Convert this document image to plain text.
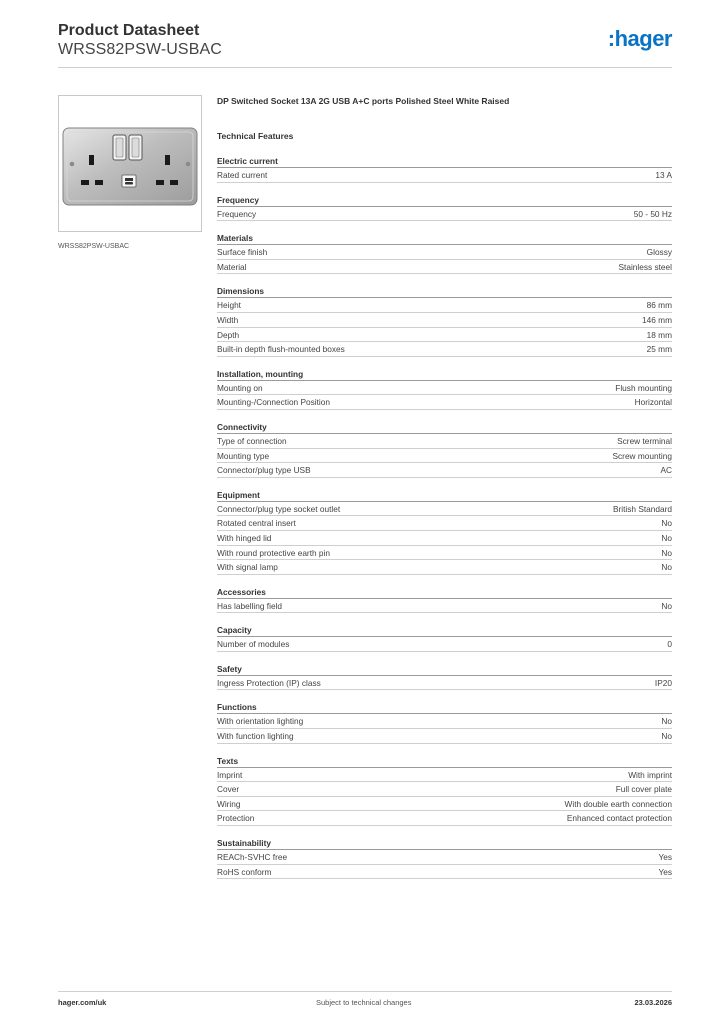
Product Datasheet
WRSS82PSW-USBAC	:hager
WRSS82PSW-USBAC
DP Switched Socket 13A 2G USB A+C ports Polished Steel White Raised
Technical Features
Electric current
Rated current	13 A
Frequency
Frequency	50 - 50 Hz
Materials
Surface finish	Glossy
Material	Stainless steel
Dimensions
Height	86 mm
Width	146 mm
Depth	18 mm
Built-in depth flush-mounted boxes	25 mm
Installation, mounting
Mounting on	Flush mounting
Mounting-/Connection Position	Horizontal
Connectivity
Type of connection	Screw terminal
Mounting type	Screw mounting
Connector/plug type USB	AC
Equipment
Connector/plug type socket outlet	British Standard
Rotated central insert	No
With hinged lid	No
With round protective earth pin	No
With signal lamp	No
Accessories
Has labelling field	No
Capacity
Number of modules	0
Safety
Ingress Protection (IP) class	IP20
Functions
With orientation lighting	No
With function lighting	No
Texts
Imprint	With imprint
Cover	Full cover plate
Wiring	With double earth connection
Protection	Enhanced contact protection
Sustainability
REACh-SVHC free	Yes
RoHS conform	Yes
hager.com/uk	Subject to technical changes	23.03.2026
